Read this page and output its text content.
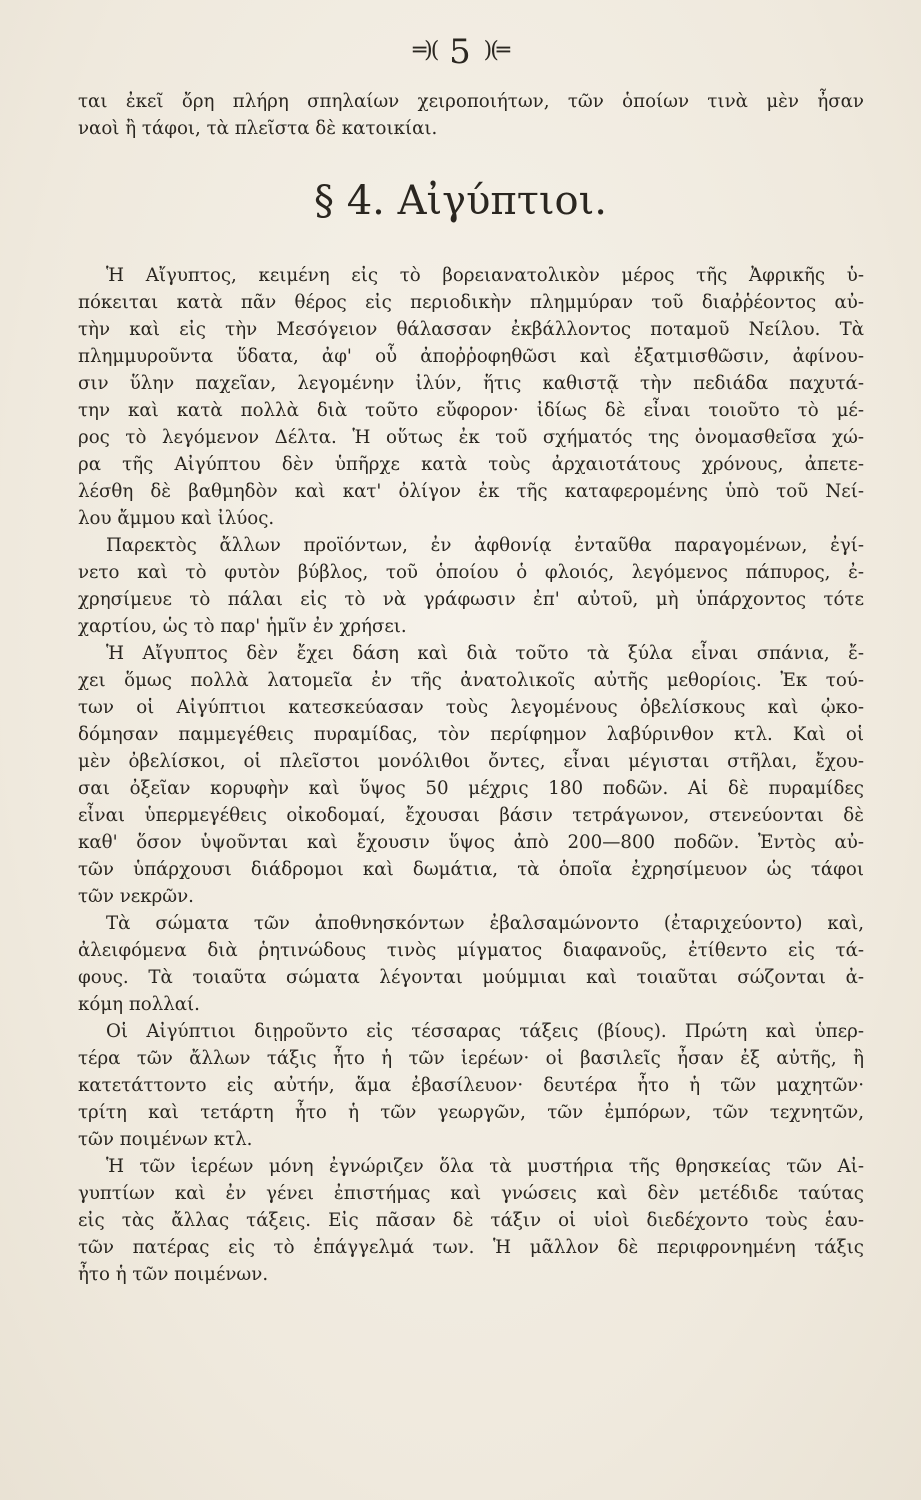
═)( 5 )(═
ται ἐκεῖ ὄρη πλήρη σπηλαίων χειροποιήτων, τῶν ὁποίων τινὰ μὲν ἦσαν
ναοὶ ἢ τάφοι, τὰ πλεῖστα δὲ κατοικίαι.
§ 4. Αἰγύπτιοι.
Ἡ Αἴγυπτος, κειμένη εἰς τὸ βορειανατολικὸν μέρος τῆς Ἀφρικῆς ὑ-
πόκειται κατὰ πᾶν θέρος εἰς περιοδικὴν πλημμύραν τοῦ διαῤῥέοντος αὐ-
τὴν καὶ εἰς τὴν Μεσόγειον θάλασσαν ἐκβάλλοντος ποταμοῦ Νείλου. Τὰ
πλημμυροῦντα ὕδατα, ἀφ' οὗ ἀποῤῥοφηθῶσι καὶ ἐξατμισθῶσιν, ἀφίνου-
σιν ὕλην παχεῖαν, λεγομένην ἰλύν, ἥτις καθιστᾷ τὴν πεδιάδα παχυτά-
την καὶ κατὰ πολλὰ διὰ τοῦτο εὔφορον· ἰδίως δὲ εἶναι τοιοῦτο τὸ μέ-
ρος τὸ λεγόμενον Δέλτα. Ἡ οὕτως ἐκ τοῦ σχήματός της ὀνομασθεῖσα χώ-
ρα τῆς Αἰγύπτου δὲν ὑπῆρχε κατὰ τοὺς ἀρχαιοτάτους χρόνους, ἀπετε-
λέσθη δὲ βαθμηδὸν καὶ κατ' ὀλίγον ἐκ τῆς καταφερομένης ὑπὸ τοῦ Νεί-
λου ἄμμου καὶ ἰλύος.
Παρεκτὸς ἄλλων προϊόντων, ἐν ἀφθονίᾳ ἐνταῦθα παραγομένων, ἐγί-
νετο καὶ τὸ φυτὸν βύβλος, τοῦ ὁποίου ὁ φλοιός, λεγόμενος πάπυρος, ἐ-
χρησίμευε τὸ πάλαι εἰς τὸ νὰ γράφωσιν ἐπ' αὐτοῦ, μὴ ὑπάρχοντος τότε
χαρτίου, ὡς τὸ παρ' ἡμῖν ἐν χρήσει.
Ἡ Αἴγυπτος δὲν ἔχει δάση καὶ διὰ τοῦτο τὰ ξύλα εἶναι σπάνια, ἔ-
χει ὅμως πολλὰ λατομεῖα ἐν τῆς ἀνατολικοῖς αὐτῆς μεθορίοις. Ἐκ τού-
των οἱ Αἰγύπτιοι κατεσκεύασαν τοὺς λεγομένους ὀβελίσκους καὶ ᾠκο-
δόμησαν παμμεγέθεις πυραμίδας, τὸν περίφημον λαβύρινθον κτλ. Καὶ οἱ
μὲν ὀβελίσκοι, οἱ πλεῖστοι μονόλιθοι ὄντες, εἶναι μέγισται στῆλαι, ἔχου-
σαι ὀξεῖαν κορυφὴν καὶ ὕψος 50 μέχρις 180 ποδῶν. Αἱ δὲ πυραμίδες
εἶναι ὑπερμεγέθεις οἰκοδομαί, ἔχουσαι βάσιν τετράγωνον, στενεύονται δὲ
καθ' ὅσον ὑψοῦνται καὶ ἔχουσιν ὕψος ἀπὸ 200—800 ποδῶν. Ἐντὸς αὐ-
τῶν ὑπάρχουσι διάδρομοι καὶ δωμάτια, τὰ ὁποῖα ἐχρησίμευον ὡς τάφοι
τῶν νεκρῶν.
Τὰ σώματα τῶν ἀποθνησκόντων ἐβαλσαμώνοντο (ἐταριχεύοντο) καὶ,
ἀλειφόμενα διὰ ῥητινώδους τινὸς μίγματος διαφανοῦς, ἐτίθεντο εἰς τά-
φους. Τὰ τοιαῦτα σώματα λέγονται μούμμιαι καὶ τοιαῦται σώζονται ἀ-
κόμη πολλαί.
Οἱ Αἰγύπτιοι διῃροῦντο εἰς τέσσαρας τάξεις (βίους). Πρώτη καὶ ὑπερ-
τέρα τῶν ἄλλων τάξις ἦτο ἡ τῶν ἱερέων· οἱ βασιλεῖς ἦσαν ἐξ αὐτῆς, ἢ
κατετάττοντο εἰς αὐτήν, ἅμα ἐβασίλευον· δευτέρα ἦτο ἡ τῶν μαχητῶν·
τρίτη καὶ τετάρτη ἦτο ἡ τῶν γεωργῶν, τῶν ἐμπόρων, τῶν τεχνητῶν,
τῶν ποιμένων κτλ.
Ἡ τῶν ἱερέων μόνη ἐγνώριζεν ὅλα τὰ μυστήρια τῆς θρησκείας τῶν Αἰ-
γυπτίων καὶ ἐν γένει ἐπιστήμας καὶ γνώσεις καὶ δὲν μετέδιδε ταύτας
εἰς τὰς ἄλλας τάξεις. Εἰς πᾶσαν δὲ τάξιν οἱ υἱοὶ διεδέχοντο τοὺς ἑαυ-
τῶν πατέρας εἰς τὸ ἐπάγγελμά των. Ἡ μᾶλλον δὲ περιφρονημένη τάξις
ἦτο ἡ τῶν ποιμένων.
